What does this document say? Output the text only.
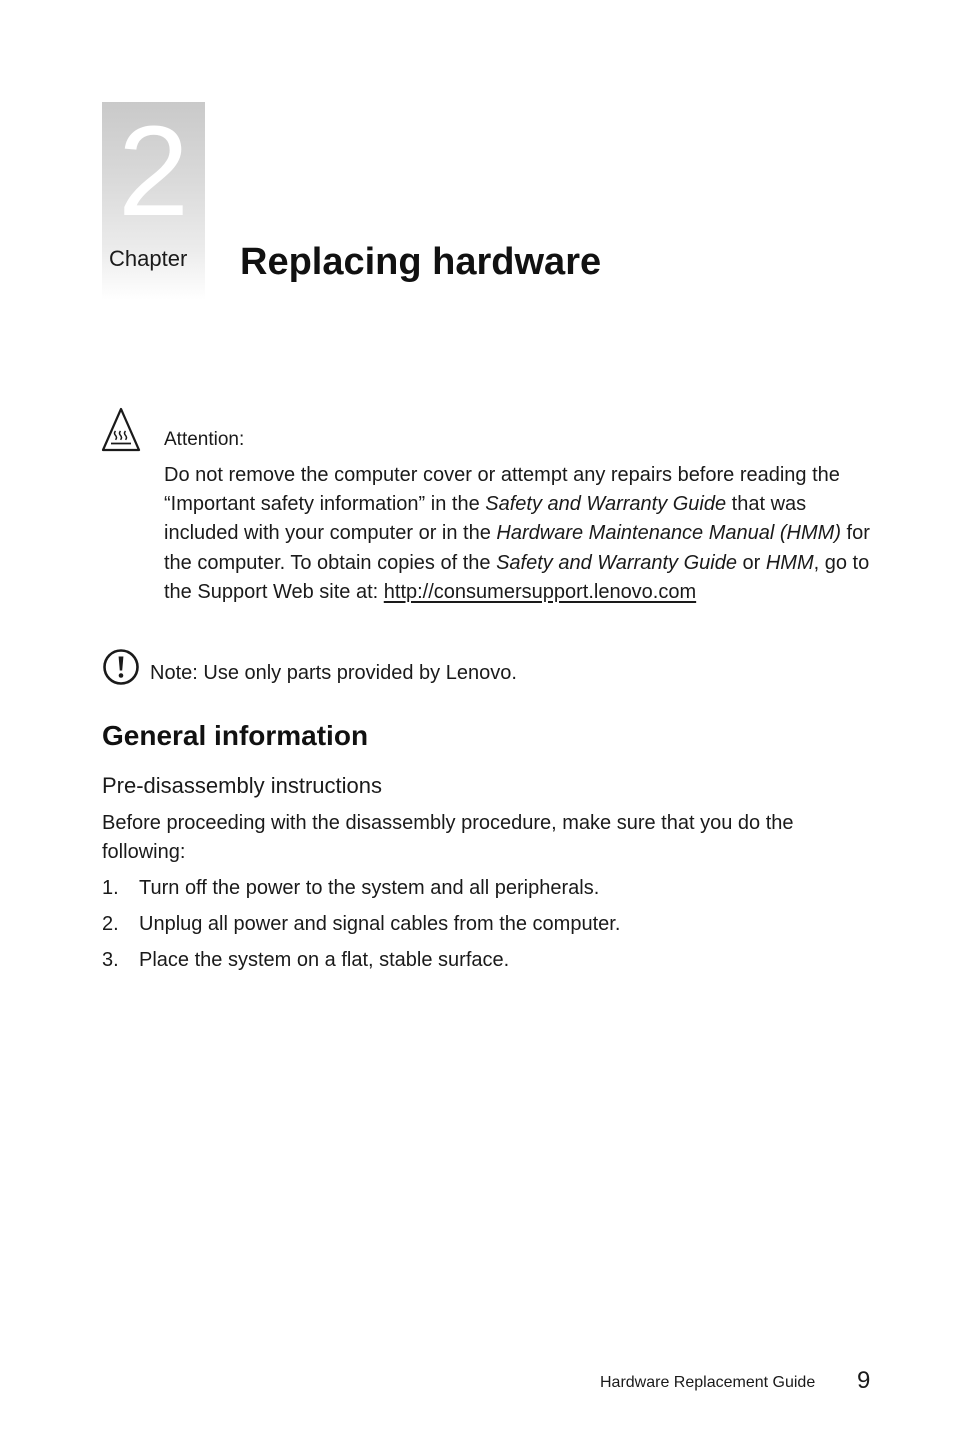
2
Chapter Replacing hardware
Attention:

Do not remove the computer cover or attempt any repairs before reading the “Important safety information” in the Safety and Warranty Guide that was included with your computer or in the Hardware Maintenance Manual (HMM) for the computer. To obtain copies of the Safety and Warranty Guide or HMM, go to the Support Web site at: http://consumersupport.lenovo.com

Note: Use only parts provided by Lenovo.
General information
Pre-disassembly instructions

Before proceeding with the disassembly procedure, make sure that you do the following:

1. Turn off the power to the system and all peripherals.
2. Unplug all power and signal cables from the computer.
3. Place the system on a flat, stable surface.
Hardware Replacement Guide 9
